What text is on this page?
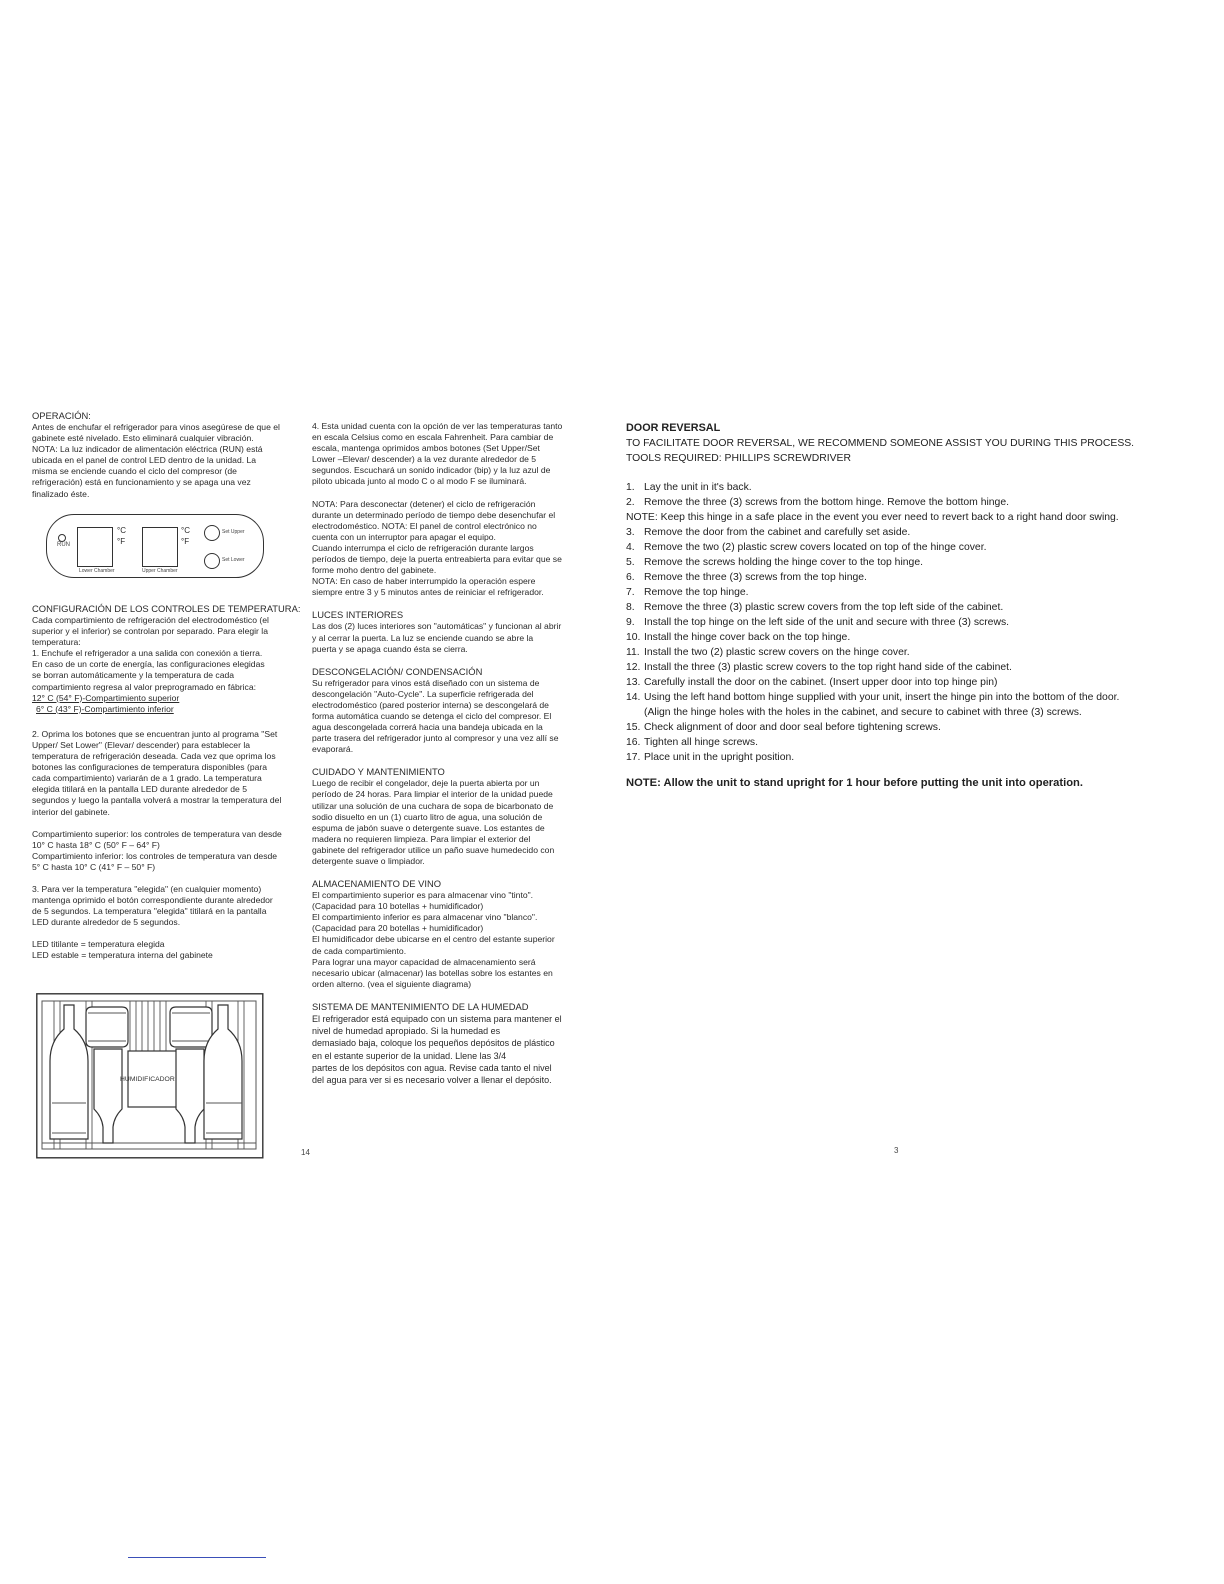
OPERACIÓN:

Antes de enchufar el refrigerador para vinos asegúrese de que el
gabinete esté nivelado. Esto eliminará cualquier vibración.
NOTA: La luz indicador de alimentación eléctrica (RUN) está
ubicada en el panel de control LED dentro de la unidad. La
misma se enciende cuando el ciclo del compresor (de
refrigeración) está en funcionamiento y se apaga una vez
finalizado éste.

RUN
°C
°F
°C
°F
Lower Chamber	Upper Chamber
Set Upper
Set Lower

CONFIGURACIÓN DE LOS CONTROLES DE TEMPERATURA:

Cada compartimiento de refrigeración del electrodoméstico (el
superior y el inferior) se controlan por separado. Para elegir la
temperatura:
1. Enchufe el refrigerador a una salida con conexión a tierra.
En caso de un corte de energía, las configuraciones elegidas
se borran automáticamente y la temperatura de cada
compartimiento regresa al valor preprogramado en fábrica:

12° C (54° F)-Compartimiento superior

6° C (43° F)-Compartimiento inferior

2. Oprima los botones que se encuentran junto al programa "Set
Upper/ Set Lower" (Elevar/ descender) para establecer la
temperatura de refrigeración deseada. Cada vez que oprima los
botones las configuraciones de temperatura disponibles (para
cada compartimiento) variarán de a 1 grado. La temperatura
elegida titilará en la pantalla LED durante alrededor de 5
segundos y luego la pantalla volverá a mostrar la temperatura del
interior del gabinete.

Compartimiento superior: los controles de temperatura van desde
10° C hasta 18° C (50° F – 64° F)
Compartimiento inferior: los controles de temperatura van desde
5° C hasta 10° C (41° F – 50° F)

3. Para ver la temperatura "elegida" (en cualquier momento)
mantenga oprimido el botón correspondiente durante alrededor
de 5 segundos. La temperatura "elegida" titilará en la pantalla
LED durante alrededor de 5 segundos.

LED titilante = temperatura elegida
LED estable = temperatura interna del gabinete

HUMIDIFICADOR

4. Esta unidad cuenta con la opción de ver las temperaturas tanto
en escala Celsius como en escala Fahrenheit. Para cambiar de
escala, mantenga oprimidos ambos botones (Set Upper/Set
Lower –Elevar/ descender) a la vez durante alrededor de 5
segundos. Escuchará un sonido indicador (bip) y la luz azul de
piloto ubicada junto al modo C o al modo F se iluminará.

NOTA: Para desconectar (detener) el ciclo de refrigeración
durante un determinado período de tiempo debe desenchufar el
electrodoméstico. NOTA: El panel de control electrónico no
cuenta con un interruptor para apagar el equipo.
Cuando interrumpa el ciclo de refrigeración durante largos
períodos de tiempo, deje la puerta entreabierta para evitar que se
forme moho dentro del gabinete.
NOTA: En caso de haber interrumpido la operación espere
siempre entre 3 y 5 minutos antes de reiniciar el refrigerador.

LUCES INTERIORES

Las dos (2) luces interiores son "automáticas" y funcionan al abrir
y al cerrar la puerta. La luz se enciende cuando se abre la
puerta y se apaga cuando ésta se cierra.

DESCONGELACIÓN/ CONDENSACIÓN

Su refrigerador para vinos está diseñado con un sistema de
descongelación "Auto-Cycle". La superficie refrigerada del
electrodoméstico (pared posterior interna) se descongelará de
forma automática cuando se detenga el ciclo del compresor. El
agua descongelada correrá hacia una bandeja ubicada en la
parte trasera del refrigerador junto al compresor y una vez allí se
evaporará.

CUIDADO Y MANTENIMIENTO

Luego de recibir el congelador, deje la puerta abierta por un
período de 24 horas. Para limpiar el interior de la unidad puede
utilizar una solución de una cuchara de sopa de bicarbonato de
sodio disuelto en un (1) cuarto litro de agua, una solución de
espuma de jabón suave o detergente suave. Los estantes de
madera no requieren limpieza. Para limpiar el exterior del
gabinete del refrigerador utilice un paño suave humedecido con
detergente suave o limpiador.

ALMACENAMIENTO DE VINO

El compartimiento superior es para almacenar vino "tinto".
(Capacidad para 10 botellas + humidificador)
El compartimiento inferior es para almacenar vino "blanco".
(Capacidad para 20 botellas + humidificador)
El humidificador debe ubicarse en el centro del estante superior
de cada compartimiento.
Para lograr una mayor capacidad de almacenamiento será
necesario ubicar (almacenar) las botellas sobre los estantes en
orden alterno. (vea el siguiente diagrama)

SISTEMA DE MANTENIMIENTO DE LA HUMEDAD

El refrigerador está equipado con un sistema para mantener el
nivel de humedad apropiado. Si la humedad es
demasiado baja, coloque los pequeños depósitos de plástico
en el estante superior de la unidad. Llene las 3/4
partes de los depósitos con agua. Revise cada tanto el nivel
del agua para ver si es necesario volver a llenar el depósito.

DOOR REVERSAL
TO FACILITATE DOOR REVERSAL, WE RECOMMEND SOMEONE ASSIST YOU DURING THIS PROCESS.
TOOLS REQUIRED: PHILLIPS SCREWDRIVER
1. Lay the unit in it's back.
2. Remove the three (3) screws from the bottom hinge. Remove the bottom hinge.
NOTE: Keep this hinge in a safe place in the event you ever need to revert back to a right hand door swing.
3. Remove the door from the cabinet and carefully set aside.
4. Remove the two (2) plastic screw covers located on top of the hinge cover.
5. Remove the screws holding the hinge cover to the top hinge.
6. Remove the three (3) screws from the top hinge.
7. Remove the top hinge.
8. Remove the three (3) plastic screw covers from the top left side of the cabinet.
9. Install the top hinge on the left side of the unit and secure with three (3) screws.
10. Install the hinge cover back on the top hinge.
11. Install the two (2) plastic screw covers on the hinge cover.
12. Install the three (3) plastic screw covers to the top right hand side of the cabinet.
13. Carefully install the door on the cabinet. (Insert upper door into top hinge pin)
14. Using the left hand bottom hinge supplied with your unit, insert the hinge pin into the bottom of the door.
(Align the hinge holes with the holes in the cabinet, and secure to cabinet with three (3) screws.
15. Check alignment of door and door seal before tightening screws.
16. Tighten all hinge screws.
17. Place unit in the upright position.
NOTE: Allow the unit to stand upright for 1 hour before putting the unit into operation.
14	3
